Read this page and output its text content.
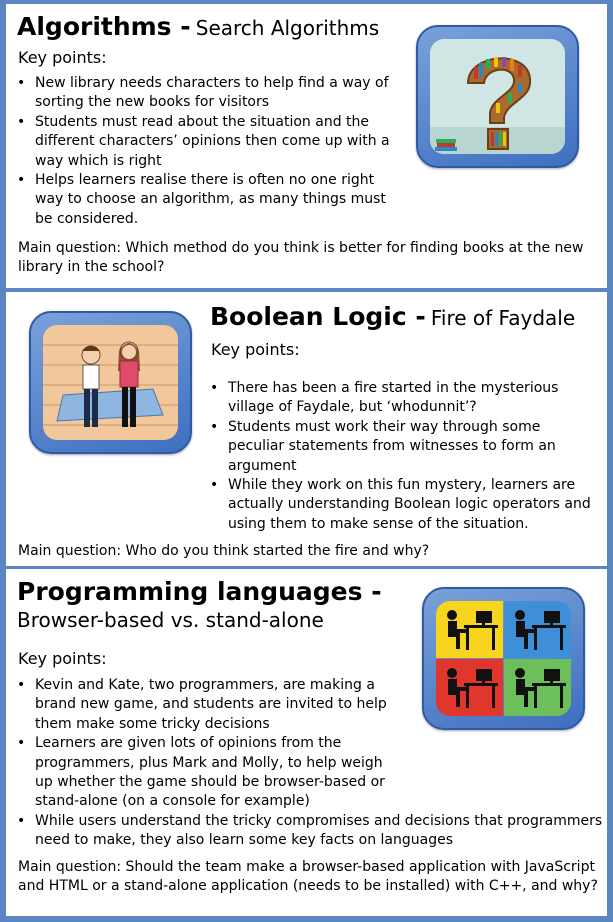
Algorithms - Search Algorithms
Key points:
• New library needs characters to help find a way of sorting the new books for visitors
• Students must read about the situation and the different characters’ opinions then come up with a way which is right
• Helps learners realise there is often no one right way to choose an algorithm, as many things must be considered.
Main question: Which method do you think is better for finding books at the new library in the school?
Boolean Logic - Fire of Faydale
Key points:
• There has been a fire started in the mysterious village of Faydale, but ‘whodunnit’?
• Students must work their way through some peculiar statements from witnesses to form an argument
• While they work on this fun mystery, learners are actually understanding Boolean logic operators and using them to make sense of the situation.
Main question: Who do you think started the fire and why?
Programming languages -
Browser-based vs. stand-alone
Key points:
• Kevin and Kate, two programmers, are making a brand new game, and students are invited to help them make some tricky decisions
• Learners are given lots of opinions from the programmers, plus Mark and Molly, to help weigh up whether the game should be browser-based or stand-alone (on a console for example)
• While users understand the tricky compromises and decisions that programmers need to make, they also learn some key facts on languages
Main question: Should the team make a browser-based application with JavaScript and HTML or a stand-alone application (needs to be installed) with C++, and why?
